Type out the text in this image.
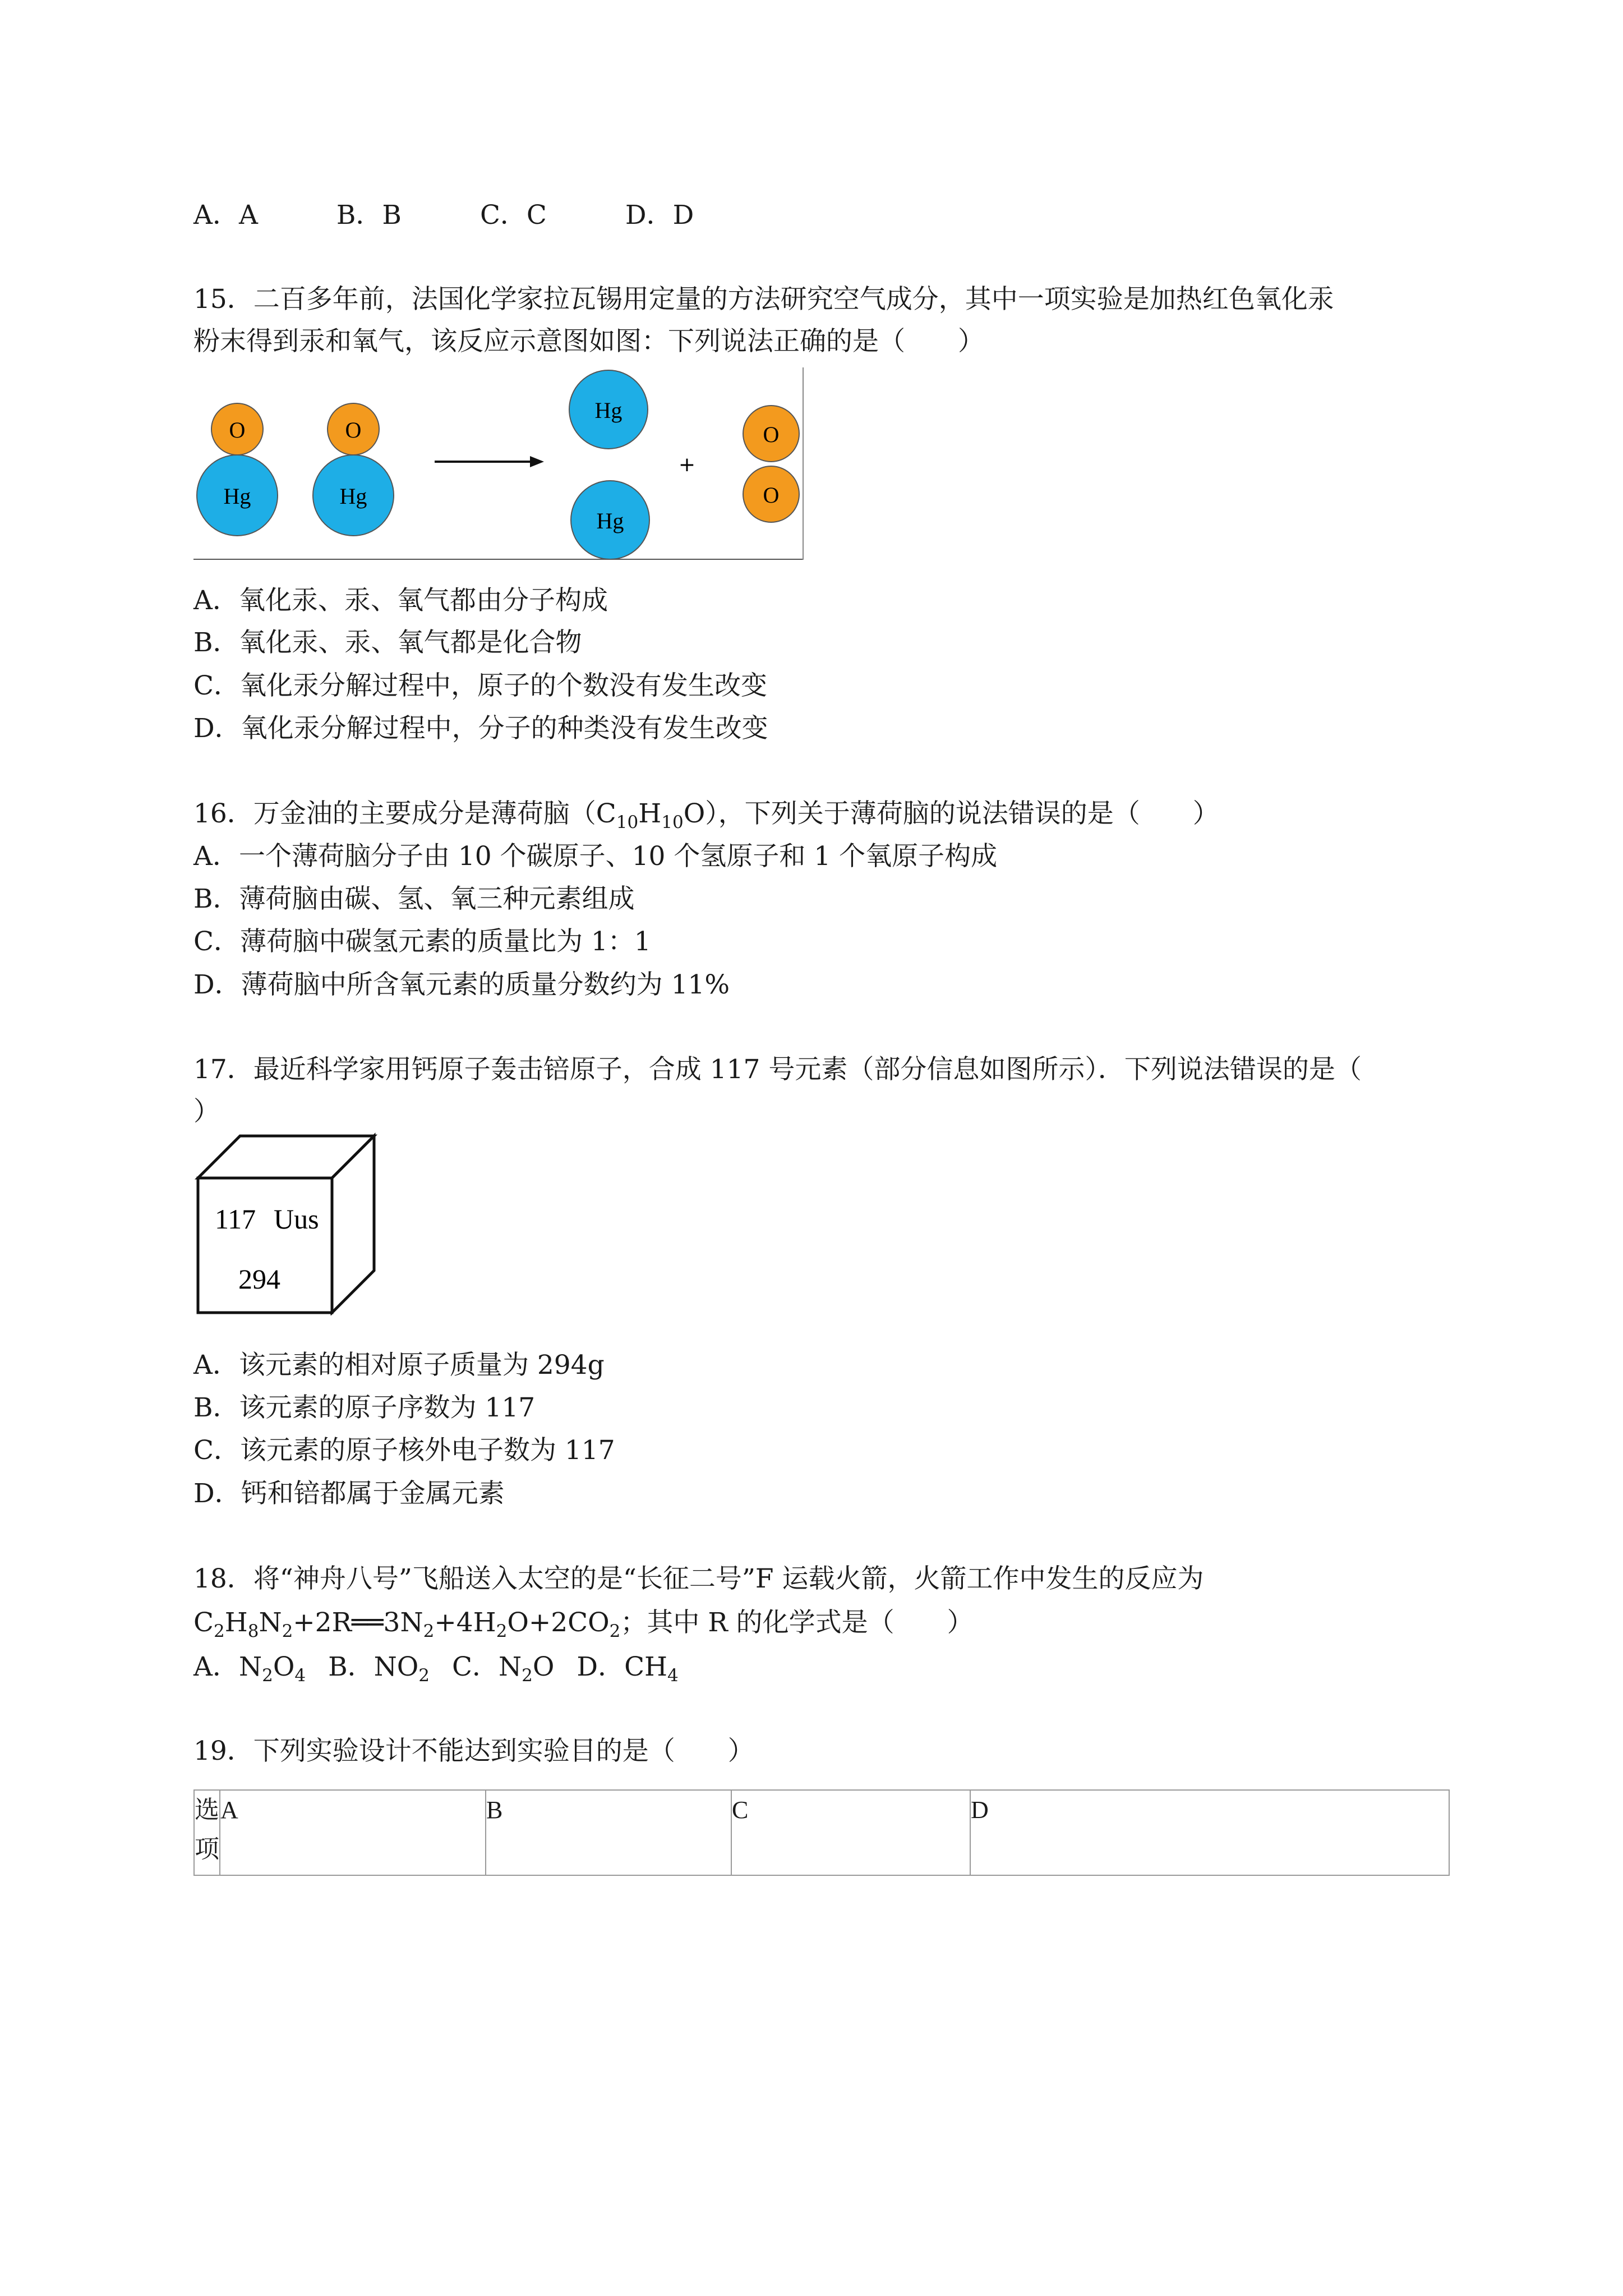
A．A	B．B	C．C	D．D
15．二百多年前，法国化学家拉瓦锡用定量的方法研究空气成分，其中一项实验是加热红色氧化汞
粉末得到汞和氧气，该反应示意图如图：下列说法正确的是（　　）
O
Hg
O
Hg
Hg
Hg
+
O
O
A．氧化汞、汞、氧气都由分子构成
B．氧化汞、汞、氧气都是化合物
C．氧化汞分解过程中，原子的个数没有发生改变
D．氧化汞分解过程中，分子的种类没有发生改变
16．万金油的主要成分是薄荷脑$(C_{10}H_{10}O)$，下列关于薄荷脑的说法错误的是（　　）
A．一个薄荷脑分子由 10 个碳原子、10 个氢原子和 1 个氧原子构成
B．薄荷脑由碳、氢、氧三种元素组成
C．薄荷脑中碳氢元素的质量比为 1：1
D．薄荷脑中所含氧元素的质量分数约为 11%
17．最近科学家用钙原子轰击锫原子，合成 117 号元素（部分信息如图所示）．下列说法错误的是（
）
117 Uus
294
A．该元素的相对原子质量为 294g
B．该元素的原子序数为 117
C．该元素的原子核外电子数为 117
D．钙和锫都属于金属元素
18．将“神舟八号”飞船送入太空的是“长征二号”F 运载火箭，火箭工作中发生的反应为
$C_2H_8N_2+2R══3N_2+4H_2O+2CO_2$；其中 R 的化学式是（　　）
A．N2O4 B．NO2 C．N2O D．CH4
19．下列实验设计不能达到实验目的是（　　）
选项	A	B	C	D
